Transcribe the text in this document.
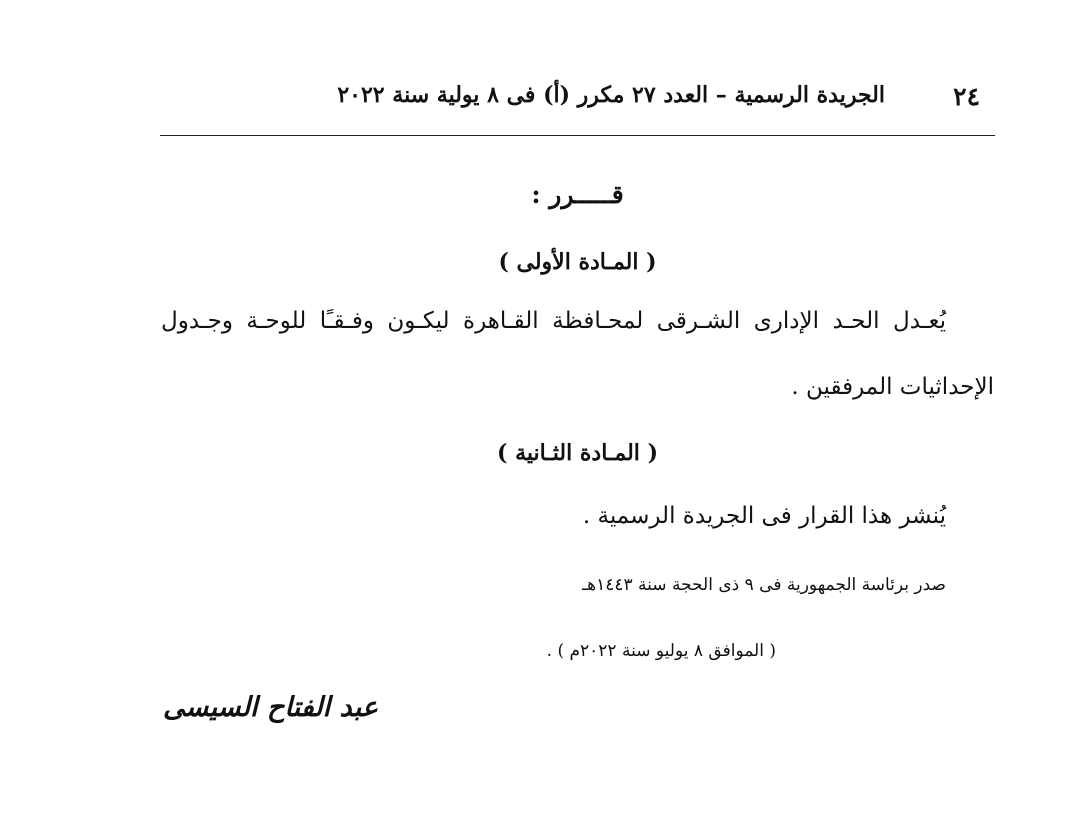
٢٤
الجريدة الرسمية – العدد ٢٧ مكرر (أ) فى ٨ يولية سنة ٢٠٢٢
قـــــرر :
( المـادة الأولى )
يُعـدل الحـد الإدارى الشـرقى لمحـافظة القـاهرة ليكـون وفـقـًا للوحـة وجـدول
الإحداثيات المرفقين .
( المـادة الثـانية )
يُنشر هذا القرار فى الجريدة الرسمية .
صدر برئاسة الجمهورية فى ٩ ذى الحجة سنة ١٤٤٣هـ
( الموافق ٨ يوليو سنة ٢٠٢٢م ) .
عبد الفتاح السيسى
